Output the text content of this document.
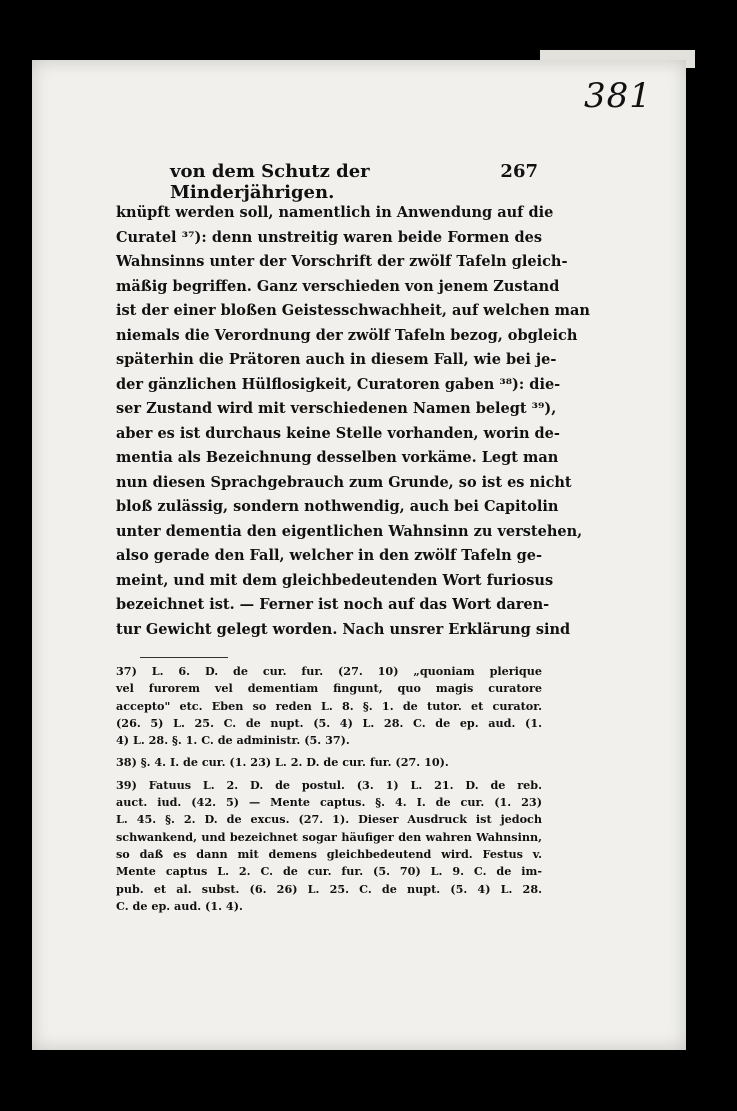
381
von dem Schutz der Minderjährigen.
267
knüpft werden soll, namentlich in Anwendung auf die
Curatel ³⁷): denn unstreitig waren beide Formen des
Wahnsinns unter der Vorschrift der zwölf Tafeln gleich-
mäßig begriffen. Ganz verschieden von jenem Zustand
ist der einer bloßen Geistesschwachheit, auf welchen man
niemals die Verordnung der zwölf Tafeln bezog, obgleich
späterhin die Prätoren auch in diesem Fall, wie bei je-
der gänzlichen Hülflosigkeit, Curatoren gaben ³⁸): die-
ser Zustand wird mit verschiedenen Namen belegt ³⁹),
aber es ist durchaus keine Stelle vorhanden, worin de-
mentia als Bezeichnung desselben vorkäme. Legt man
nun diesen Sprachgebrauch zum Grunde, so ist es nicht
bloß zulässig, sondern nothwendig, auch bei Capitolin
unter dementia den eigentlichen Wahnsinn zu verstehen,
also gerade den Fall, welcher in den zwölf Tafeln ge-
meint, und mit dem gleichbedeutenden Wort furiosus
bezeichnet ist. — Ferner ist noch auf das Wort daren-
tur Gewicht gelegt worden. Nach unsrer Erklärung sind
37) L. 6. D. de cur. fur. (27. 10) „quoniam plerique
vel furorem vel dementiam fingunt, quo magis curatore
accepto" etc. Eben so reden L. 8. §. 1. de tutor. et curator.
(26. 5) L. 25. C. de nupt. (5. 4) L. 28. C. de ep. aud. (1.
4) L. 28. §. 1. C. de administr. (5. 37).
38) §. 4. I. de cur. (1. 23) L. 2. D. de cur. fur. (27. 10).
39) Fatuus L. 2. D. de postul. (3. 1) L. 21. D. de reb.
auct. iud. (42. 5) — Mente captus. §. 4. I. de cur. (1. 23)
L. 45. §. 2. D. de excus. (27. 1). Dieser Ausdruck ist jedoch
schwankend, und bezeichnet sogar häufiger den wahren Wahnsinn,
so daß es dann mit demens gleichbedeutend wird. Festus v.
Mente captus L. 2. C. de cur. fur. (5. 70) L. 9. C. de im-
pub. et al. subst. (6. 26) L. 25. C. de nupt. (5. 4) L. 28.
C. de ep. aud. (1. 4).
